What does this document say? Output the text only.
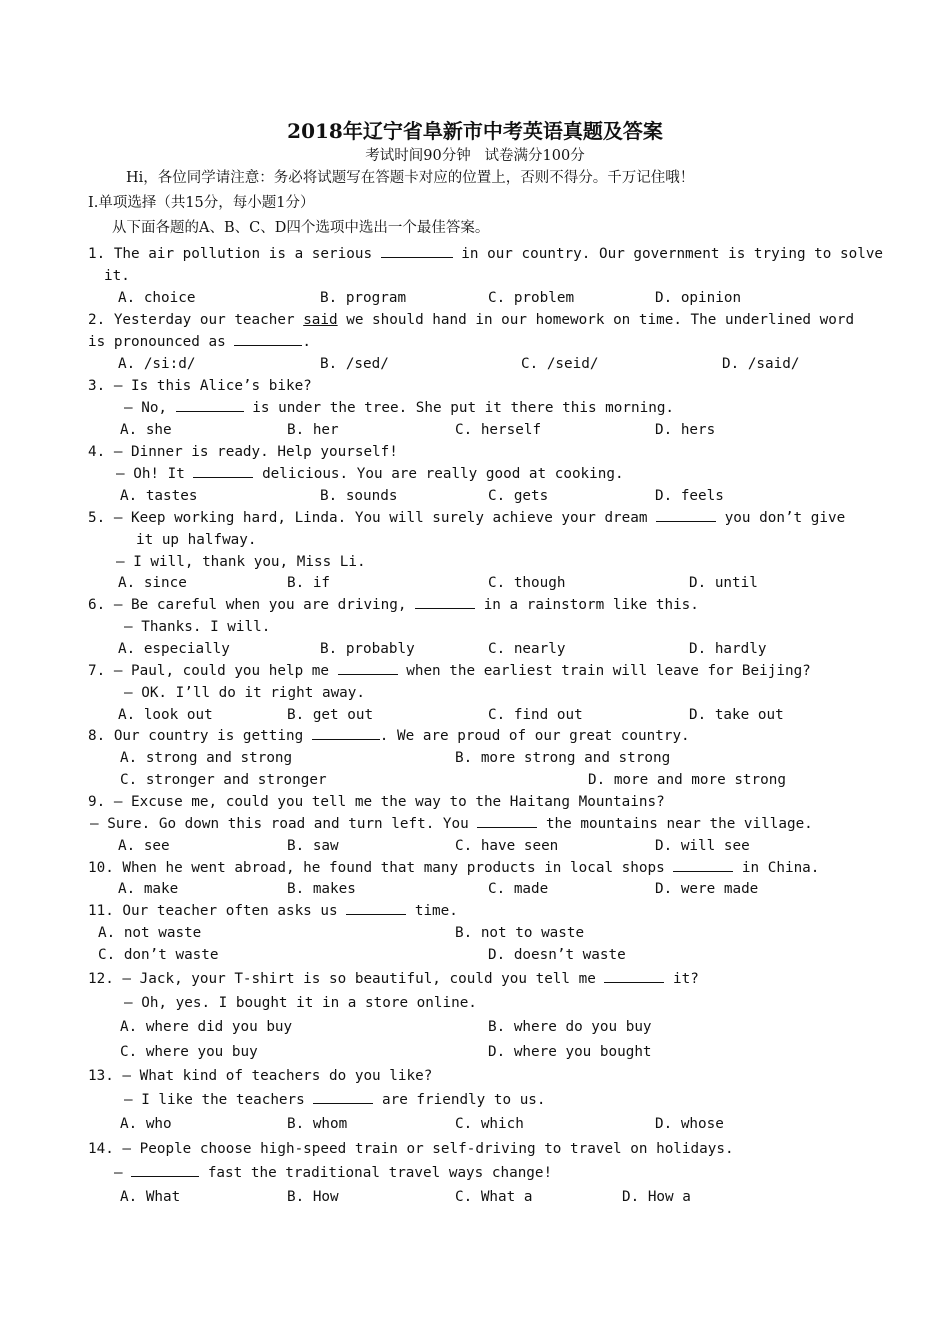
2018年辽宁省阜新市中考英语真题及答案
考试时间90分钟   试卷满分100分
Hi，各位同学请注意：务必将试题写在答题卡对应的位置上，否则不得分。千万记住哦！
Ⅰ.单项选择（共15分，每小题1分）
从下面各题的A、B、C、D四个选项中选出一个最佳答案。
1. The air pollution is a serious	in our country. Our government is trying to solve
it.
A. choice	B. program	C. problem	D. opinion
2. Yesterday our teacher said we should hand in our homework on time. The underlined word
is pronounced as	.
A. /si:d/	B. /sed/	C. /seid/	D. /said/
3. – Is this Alice’s bike?
– No,	is under the tree. She put it there this morning.
A. she	B. her	C. herself	D. hers
4. – Dinner is ready. Help yourself!
– Oh! It	delicious. You are really good at cooking.
A. tastes	B. sounds	C. gets	D. feels
5. – Keep working hard, Linda. You will surely achieve your dream	you don’t give
it up halfway.
– I will, thank you, Miss Li.
A. since	B. if	C. though	D. until
6. – Be careful when you are driving,	in a rainstorm like this.
– Thanks. I will.
A. especially	B. probably	C. nearly	D. hardly
7. – Paul, could you help me	when the earliest train will leave for Beijing?
– OK. I’ll do it right away.
A. look out	B. get out	C. find out	D. take out
8. Our country is getting	. We are proud of our great country.
A. strong and strong	B. more strong and strong
C. stronger and stronger	D. more and more strong
9. – Excuse me, could you tell me the way to the Haitang Mountains?
– Sure. Go down this road and turn left. You	the mountains near the village.
A. see	B. saw	C. have seen	D. will see
10. When he went abroad, he found that many products in local shops	in China.
A. make	B. makes	C. made	D. were made
11. Our teacher often asks us	time.
A. not waste	B. not to waste
C. don’t waste	D. doesn’t waste
12. – Jack, your T-shirt is so beautiful, could you tell me	it?
– Oh, yes. I bought it in a store online.
A. where did you buy	B. where do you buy
C. where you buy	D. where you bought
13. – What kind of teachers do you like?
– I like the teachers	are friendly to us.
A. who	B. whom	C. which	D. whose
14. – People choose high-speed train or self-driving to travel on holidays.
–	fast the traditional travel ways change!
A. What	B. How	C. What a	D. How a
